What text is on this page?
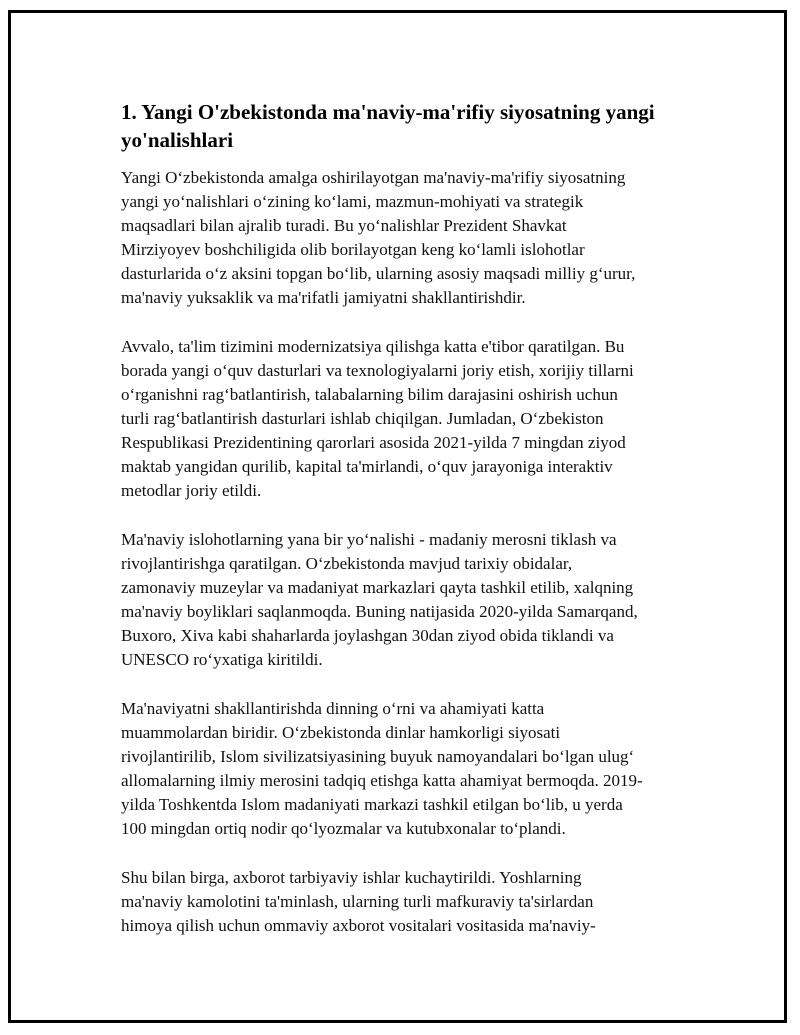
1. Yangi O'zbekistonda ma'naviy-ma'rifiy siyosatning yangi
yo'nalishlari

Yangi O‘zbekistonda amalga oshirilayotgan ma'naviy-ma'rifiy siyosatning
yangi yo‘nalishlari o‘zining ko‘lami, mazmun-mohiyati va strategik
maqsadlari bilan ajralib turadi. Bu yo‘nalishlar Prezident Shavkat
Mirziyoyev boshchiligida olib borilayotgan keng ko‘lamli islohotlar
dasturlarida o‘z aksini topgan bo‘lib, ularning asosiy maqsadi milliy g‘urur,
ma'naviy yuksaklik va ma'rifatli jamiyatni shakllantirishdir.

Avvalo, ta'lim tizimini modernizatsiya qilishga katta e'tibor qaratilgan. Bu
borada yangi o‘quv dasturlari va texnologiyalarni joriy etish, xorijiy tillarni
o‘rganishni rag‘batlantirish, talabalarning bilim darajasini oshirish uchun
turli rag‘batlantirish dasturlari ishlab chiqilgan. Jumladan, O‘zbekiston
Respublikasi Prezidentining qarorlari asosida 2021-yilda 7 mingdan ziyod
maktab yangidan qurilib, kapital ta'mirlandi, o‘quv jarayoniga interaktiv
metodlar joriy etildi.

Ma'naviy islohotlarning yana bir yo‘nalishi - madaniy merosni tiklash va
rivojlantirishga qaratilgan. O‘zbekistonda mavjud tarixiy obidalar,
zamonaviy muzeylar va madaniyat markazlari qayta tashkil etilib, xalqning
ma'naviy boyliklari saqlanmoqda. Buning natijasida 2020-yilda Samarqand,
Buxoro, Xiva kabi shaharlarda joylashgan 30dan ziyod obida tiklandi va
UNESCO ro‘yxatiga kiritildi.

Ma'naviyatni shakllantirishda dinning o‘rni va ahamiyati katta
muammolardan biridir. O‘zbekistonda dinlar hamkorligi siyosati
rivojlantirilib, Islom sivilizatsiyasining buyuk namoyandalari bo‘lgan ulug‘
allomalarning ilmiy merosini tadqiq etishga katta ahamiyat bermoqda. 2019-
yilda Toshkentda Islom madaniyati markazi tashkil etilgan bo‘lib, u yerda
100 mingdan ortiq nodir qo‘lyozmalar va kutubxonalar to‘plandi.

Shu bilan birga, axborot tarbiyaviy ishlar kuchaytirildi. Yoshlarning
ma'naviy kamolotini ta'minlash, ularning turli mafkuraviy ta'sirlardan
himoya qilish uchun ommaviy axborot vositalari vositasida ma'naviy-
